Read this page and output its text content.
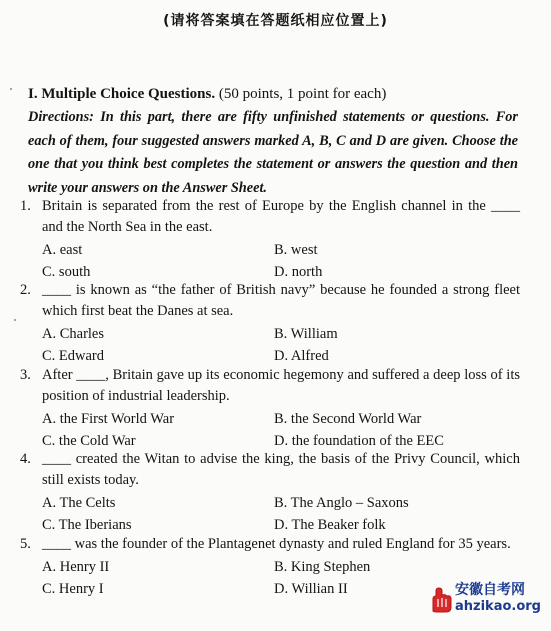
(请将答案填在答题纸相应位置上)
I. Multiple Choice Questions. (50 points, 1 point for each)
Directions: In this part, there are fifty unfinished statements or questions. For each of them, four suggested answers marked A, B, C and D are given. Choose the one that you think best completes the statement or answers the question and then write your answers on the Answer Sheet.
1. Britain is separated from the rest of Europe by the English channel in the ____ and the North Sea in the east.
A. east	B. west
C. south	D. north
2. ____ is known as “the father of British navy” because he founded a strong fleet which first beat the Danes at sea.
A. Charles	B. William
C. Edward	D. Alfred
3. After ____, Britain gave up its economic hegemony and suffered a deep loss of its position of industrial leadership.
A. the First World War	B. the Second World War
C. the Cold War	D. the foundation of the EEC
4. ____ created the Witan to advise the king, the basis of the Privy Council, which still exists today.
A. The Celts	B. The Anglo – Saxons
C. The Iberians	D. The Beaker folk
5. ____ was the founder of the Plantagenet dynasty and ruled England for 35 years.
A. Henry II	B. King Stephen
C. Henry I	D. Willian II	安徽自考网
ahzikao.org
